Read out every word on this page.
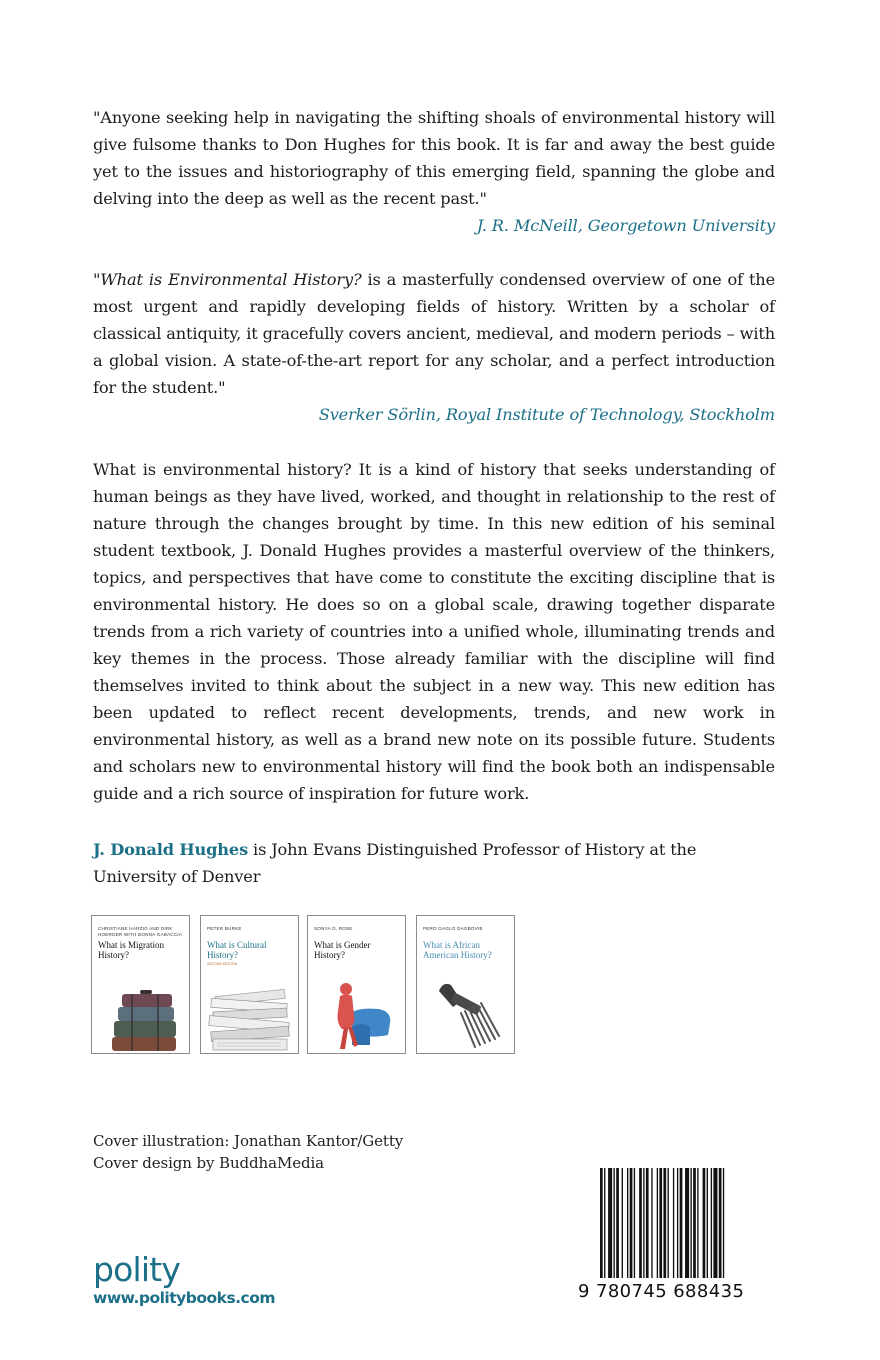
"Anyone seeking help in navigating the shifting shoals of environmental history will give fulsome thanks to Don Hughes for this book. It is far and away the best guide yet to the issues and historiography of this emerging field, spanning the globe and delving into the deep as well as the recent past."

J. R. McNeill, Georgetown University

"What is Environmental History? is a masterfully condensed overview of one of the most urgent and rapidly developing fields of history. Written by a scholar of classical antiquity, it gracefully covers ancient, medieval, and modern periods – with a global vision. A state-of-the-art report for any scholar, and a perfect introduction for the student."

Sverker Sörlin, Royal Institute of Technology, Stockholm

What is environmental history? It is a kind of history that seeks understanding of human beings as they have lived, worked, and thought in relationship to the rest of nature through the changes brought by time. In this new edition of his seminal student textbook, J. Donald Hughes provides a masterful overview of the thinkers, topics, and perspectives that have come to constitute the exciting discipline that is environmental history. He does so on a global scale, drawing together disparate trends from a rich variety of countries into a unified whole, illuminating trends and key themes in the process. Those already familiar with the discipline will find themselves invited to think about the subject in a new way. This new edition has been updated to reflect recent developments, trends, and new work in environmental history, as well as a brand new note on its possible future. Students and scholars new to environmental history will find the book both an indispensable guide and a rich source of inspiration for future work.

J. Donald Hughes is John Evans Distinguished Professor of History at the University of Denver

CHRISTIANE HARZIG AND DIRK HOERDER WITH DONNA GABACCIA
What is Migration History?
PETER BURKE
What is Cultural History?
SECOND EDITION
SONYA O. ROSE
What is Gender History?
PERO GAGLO DAGBOVIE
What is African American History?

Cover illustration: Jonathan Kantor/Getty

Cover design by BuddhaMedia

polity
www.politybooks.com	9 780745 688435
